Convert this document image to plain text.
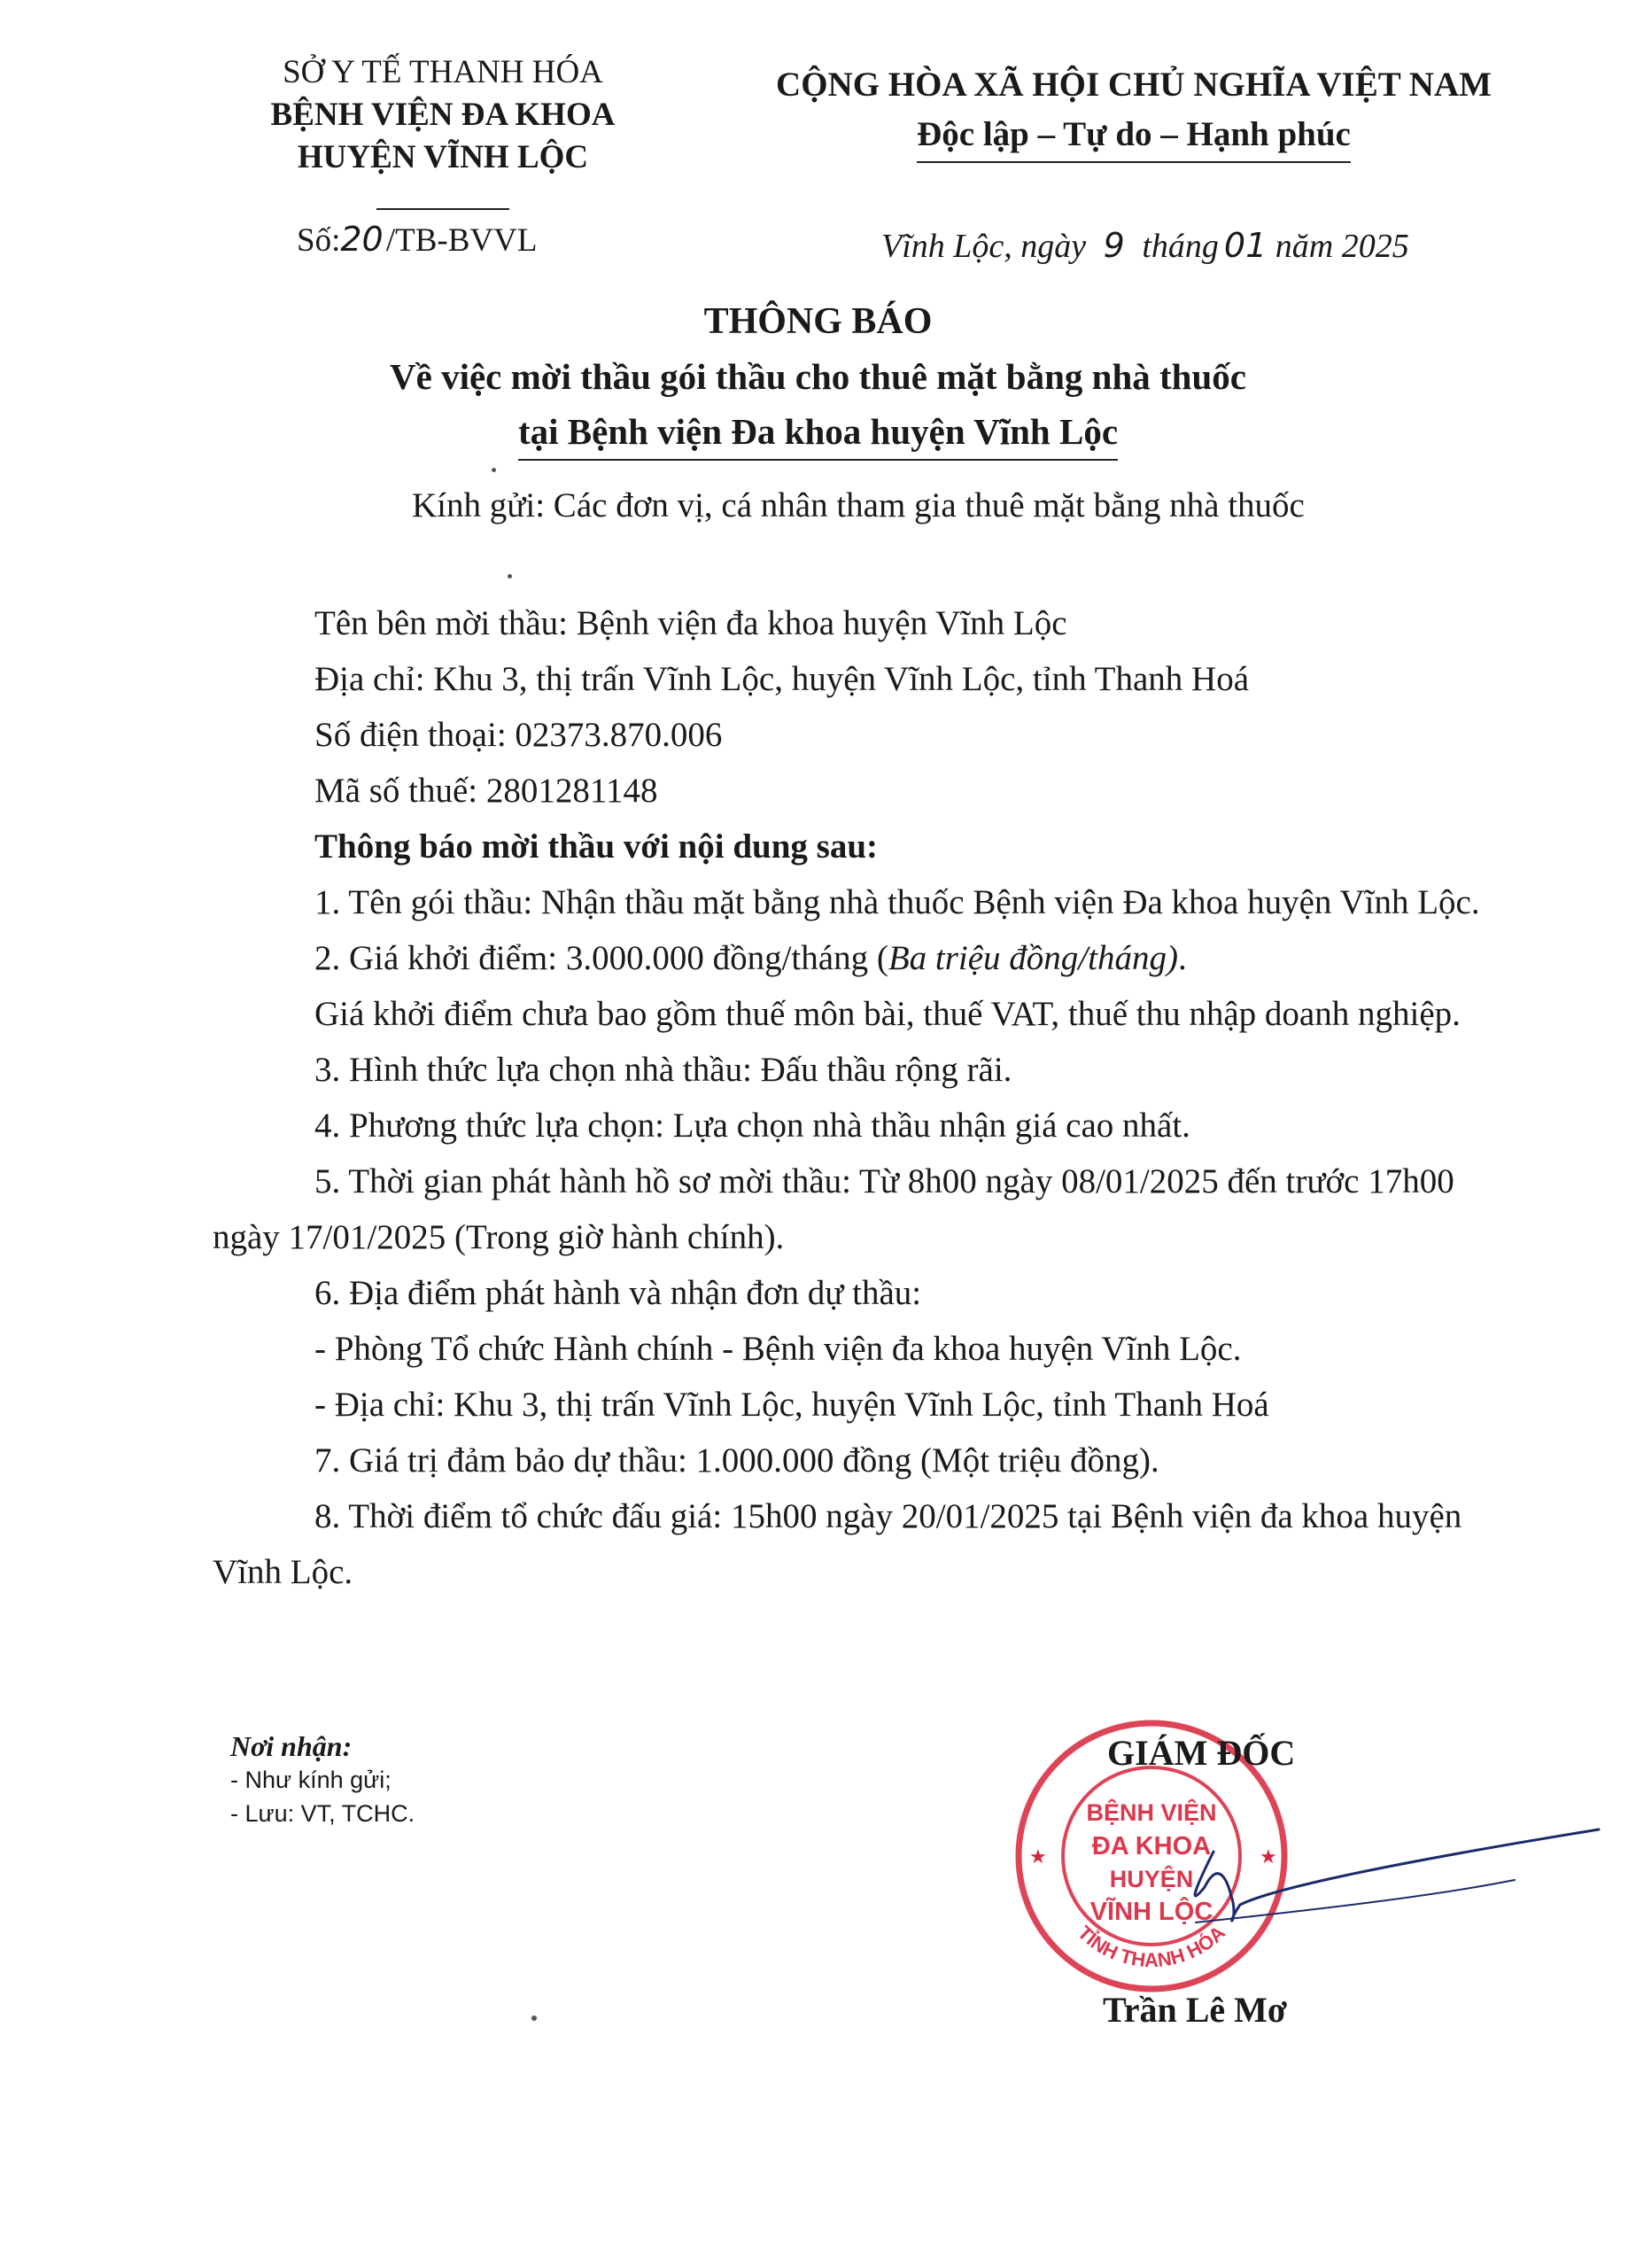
SỞ Y TẾ THANH HÓA
BỆNH VIỆN ĐA KHOA
HUYỆN VĨNH LỘC
CỘNG HÒA XÃ HỘI CHỦ NGHĨA VIỆT NAM
Độc lập – Tự do – Hạnh phúc
Số:20 /TB-BVVL	Vĩnh Lộc, ngày 9 tháng 01 năm 2025
THÔNG BÁO
Về việc mời thầu gói thầu cho thuê mặt bằng nhà thuốc
tại Bệnh viện Đa khoa huyện Vĩnh Lộc
Kính gửi: Các đơn vị, cá nhân tham gia thuê mặt bằng nhà thuốc

Tên bên mời thầu: Bệnh viện đa khoa huyện Vĩnh Lộc

Địa chỉ: Khu 3, thị trấn Vĩnh Lộc, huyện Vĩnh Lộc, tỉnh Thanh Hoá

Số điện thoại: 02373.870.006

Mã số thuế: 2801281148

Thông báo mời thầu với nội dung sau:

1. Tên gói thầu: Nhận thầu mặt bằng nhà thuốc Bệnh viện Đa khoa huyện Vĩnh Lộc.

2. Giá khởi điểm: 3.000.000 đồng/tháng (Ba triệu đồng/tháng).

Giá khởi điểm chưa bao gồm thuế môn bài, thuế VAT, thuế thu nhập doanh nghiệp.

3. Hình thức lựa chọn nhà thầu: Đấu thầu rộng rãi.

4. Phương thức lựa chọn: Lựa chọn nhà thầu nhận giá cao nhất.

5. Thời gian phát hành hồ sơ mời thầu: Từ 8h00 ngày 08/01/2025 đến trước 17h00 ngày 17/01/2025 (Trong giờ hành chính).

6. Địa điểm phát hành và nhận đơn dự thầu:

- Phòng Tổ chức Hành chính - Bệnh viện đa khoa huyện Vĩnh Lộc.

- Địa chỉ: Khu 3, thị trấn Vĩnh Lộc, huyện Vĩnh Lộc, tỉnh Thanh Hoá

7. Giá trị đảm bảo dự thầu: 1.000.000 đồng (Một triệu đồng).

8. Thời điểm tổ chức đấu giá: 15h00 ngày 20/01/2025 tại Bệnh viện đa khoa huyện Vĩnh Lộc.

Nơi nhận:
- Như kính gửi;
- Lưu: VT, TCHC.
★	★
BỆNH VIỆN
ĐA KHOA
HUYỆN
VĨNH LỘC
TỈNH THANH HÓA
GIÁM ĐỐC
Trần Lê Mơ
